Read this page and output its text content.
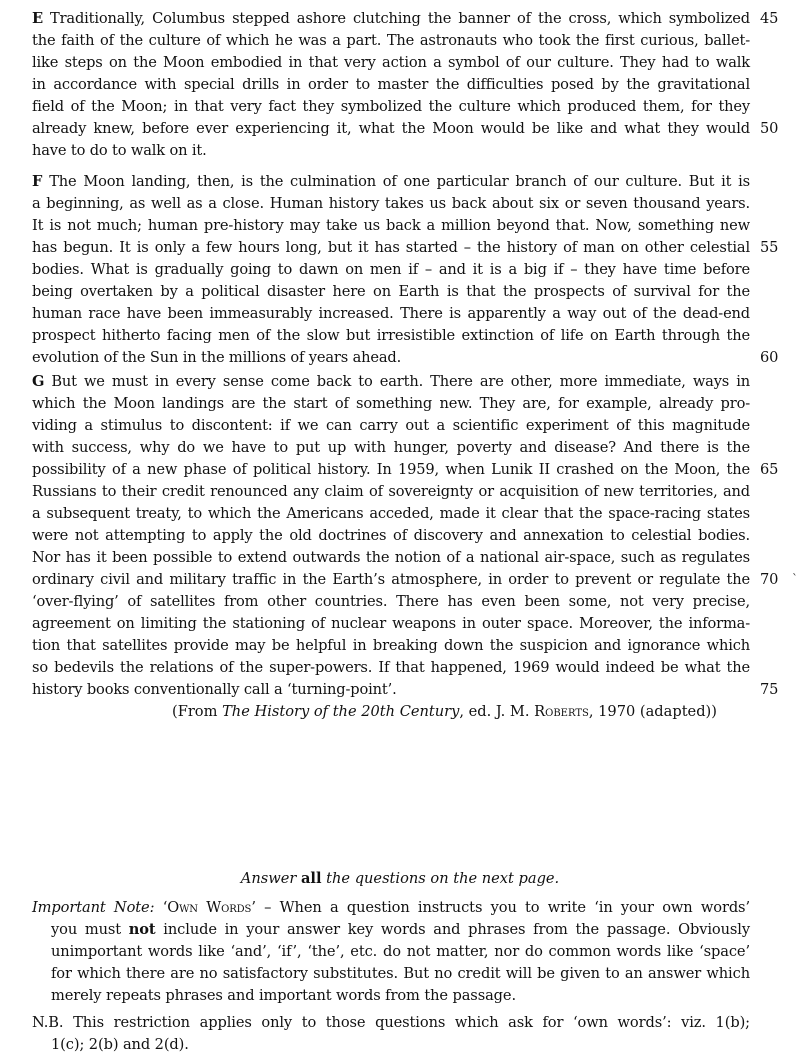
E Traditionally, Columbus stepped ashore clutching the banner of the cross, which symbolized 45
the faith of the culture of which he was a part. The astronauts who took the first curious, ballet-
like steps on the Moon embodied in that very action a symbol of our culture. They had to walk
in accordance with special drills in order to master the difficulties posed by the gravitational
field of the Moon; in that very fact they symbolized the culture which produced them, for they
already knew, before ever experiencing it, what the Moon would be like and what they would 50
have to do to walk on it.
F The Moon landing, then, is the culmination of one particular branch of our culture. But it is
a beginning, as well as a close. Human history takes us back about six or seven thousand years.
It is not much; human pre-history may take us back a million beyond that. Now, something new
has begun. It is only a few hours long, but it has started – the history of man on other celestial 55
bodies. What is gradually going to dawn on men if – and it is a big if – they have time before
being overtaken by a political disaster here on Earth is that the prospects of survival for the
human race have been immeasurably increased. There is apparently a way out of the dead-end
prospect hitherto facing men of the slow but irresistible extinction of life on Earth through the
evolution of the Sun in the millions of years ahead.	60
G But we must in every sense come back to earth. There are other, more immediate, ways in
which the Moon landings are the start of something new. They are, for example, already pro-
viding a stimulus to discontent: if we can carry out a scientific experiment of this magnitude
with success, why do we have to put up with hunger, poverty and disease? And there is the
possibility of a new phase of political history. In 1959, when Lunik II crashed on the Moon, the 65
Russians to their credit renounced any claim of sovereignty or acquisition of new territories, and
a subsequent treaty, to which the Americans acceded, made it clear that the space-racing states
were not attempting to apply the old doctrines of discovery and annexation to celestial bodies.
Nor has it been possible to extend outwards the notion of a national air-space, such as regulates
ordinary civil and military traffic in the Earth’s atmosphere, in order to prevent or regulate the 70
‘over-flying’ of satellites from other countries. There has even been some, not very precise,
agreement on limiting the stationing of nuclear weapons in outer space. Moreover, the informa-
tion that satellites provide may be helpful in breaking down the suspicion and ignorance which
so bedevils the relations of the super-powers. If that happened, 1969 would indeed be what the
history books conventionally call a ‘turning-point’.	75
(From The History of the 20th Century, ed. J. M. Roberts, 1970 (adapted))
`
Answer all the questions on the next page.
Important Note: ‘Own Words’ – When a question instructs you to write ‘in your own words’
you must not include in your answer key words and phrases from the passage. Obviously
unimportant words like ‘and’, ‘if’, ‘the’, etc. do not matter, nor do common words like ‘space’
for which there are no satisfactory substitutes. But no credit will be given to an answer which
merely repeats phrases and important words from the passage.
N.B. This restriction applies only to those questions which ask for ‘own words’: viz. 1(b);
1(c); 2(b) and 2(d).
